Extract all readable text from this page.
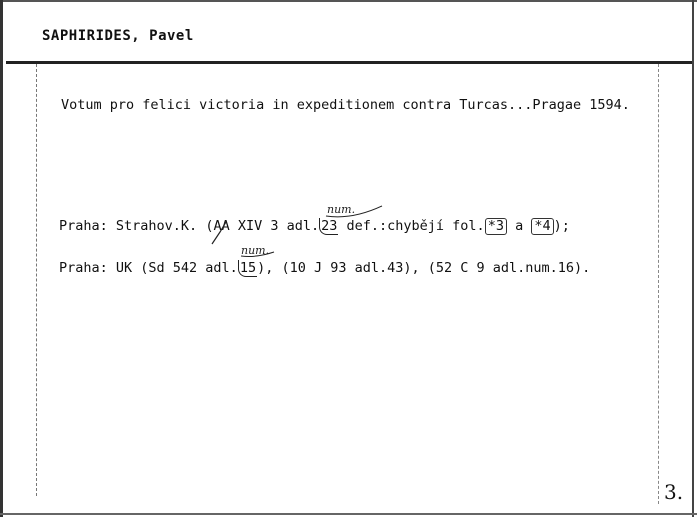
SAPHIRIDES, Pavel
Votum pro felici victoria in expeditionem contra Turcas...Pragae 1594.
num.
Praha: Strahov.K. (AA XIV 3 adl. 23 def.:chybějí fol. *3 a *4 );
num.
Praha: UK (Sd 542 adl. 15), (10 J 93 adl.43), (52 C 9 adl.num.16).
3.
